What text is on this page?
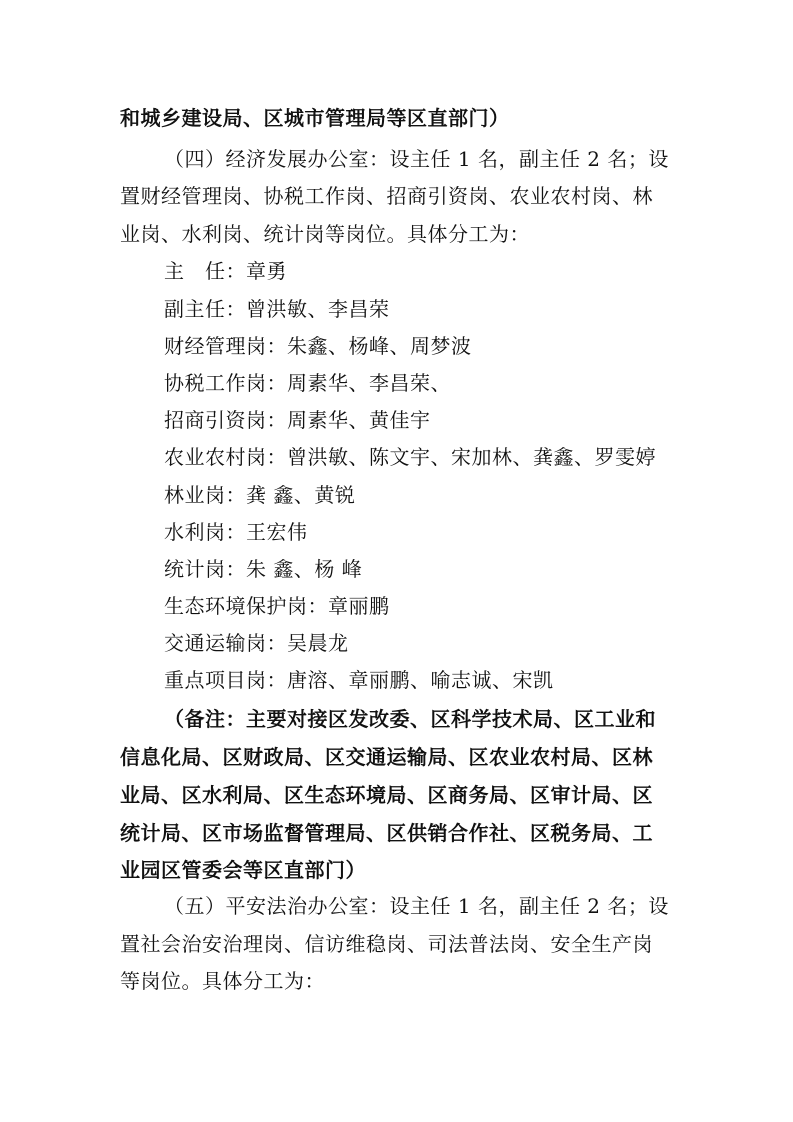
和城乡建设局、区城市管理局等区直部门）
（四）经济发展办公室：设主任 1 名，副主任 2 名；设
置财经管理岗、协税工作岗、招商引资岗、农业农村岗、林
业岗、水利岗、统计岗等岗位。具体分工为：
主　任：章勇
副主任：曾洪敏、李昌荣
财经管理岗：朱鑫、杨峰、周梦波
协税工作岗：周素华、李昌荣、
招商引资岗：周素华、黄佳宇
农业农村岗：曾洪敏、陈文宇、宋加林、龚鑫、罗雯婷
林业岗：龚 鑫、黄锐
水利岗：王宏伟
统计岗：朱 鑫、杨 峰
生态环境保护岗：章丽鹏
交通运输岗：吴晨龙
重点项目岗：唐溶、章丽鹏、喻志诚、宋凯
（备注：主要对接区发改委、区科学技术局、区工业和
信息化局、区财政局、区交通运输局、区农业农村局、区林
业局、区水利局、区生态环境局、区商务局、区审计局、区
统计局、区市场监督管理局、区供销合作社、区税务局、工
业园区管委会等区直部门）
（五）平安法治办公室：设主任 1 名，副主任 2 名；设
置社会治安治理岗、信访维稳岗、司法普法岗、安全生产岗
等岗位。具体分工为：
